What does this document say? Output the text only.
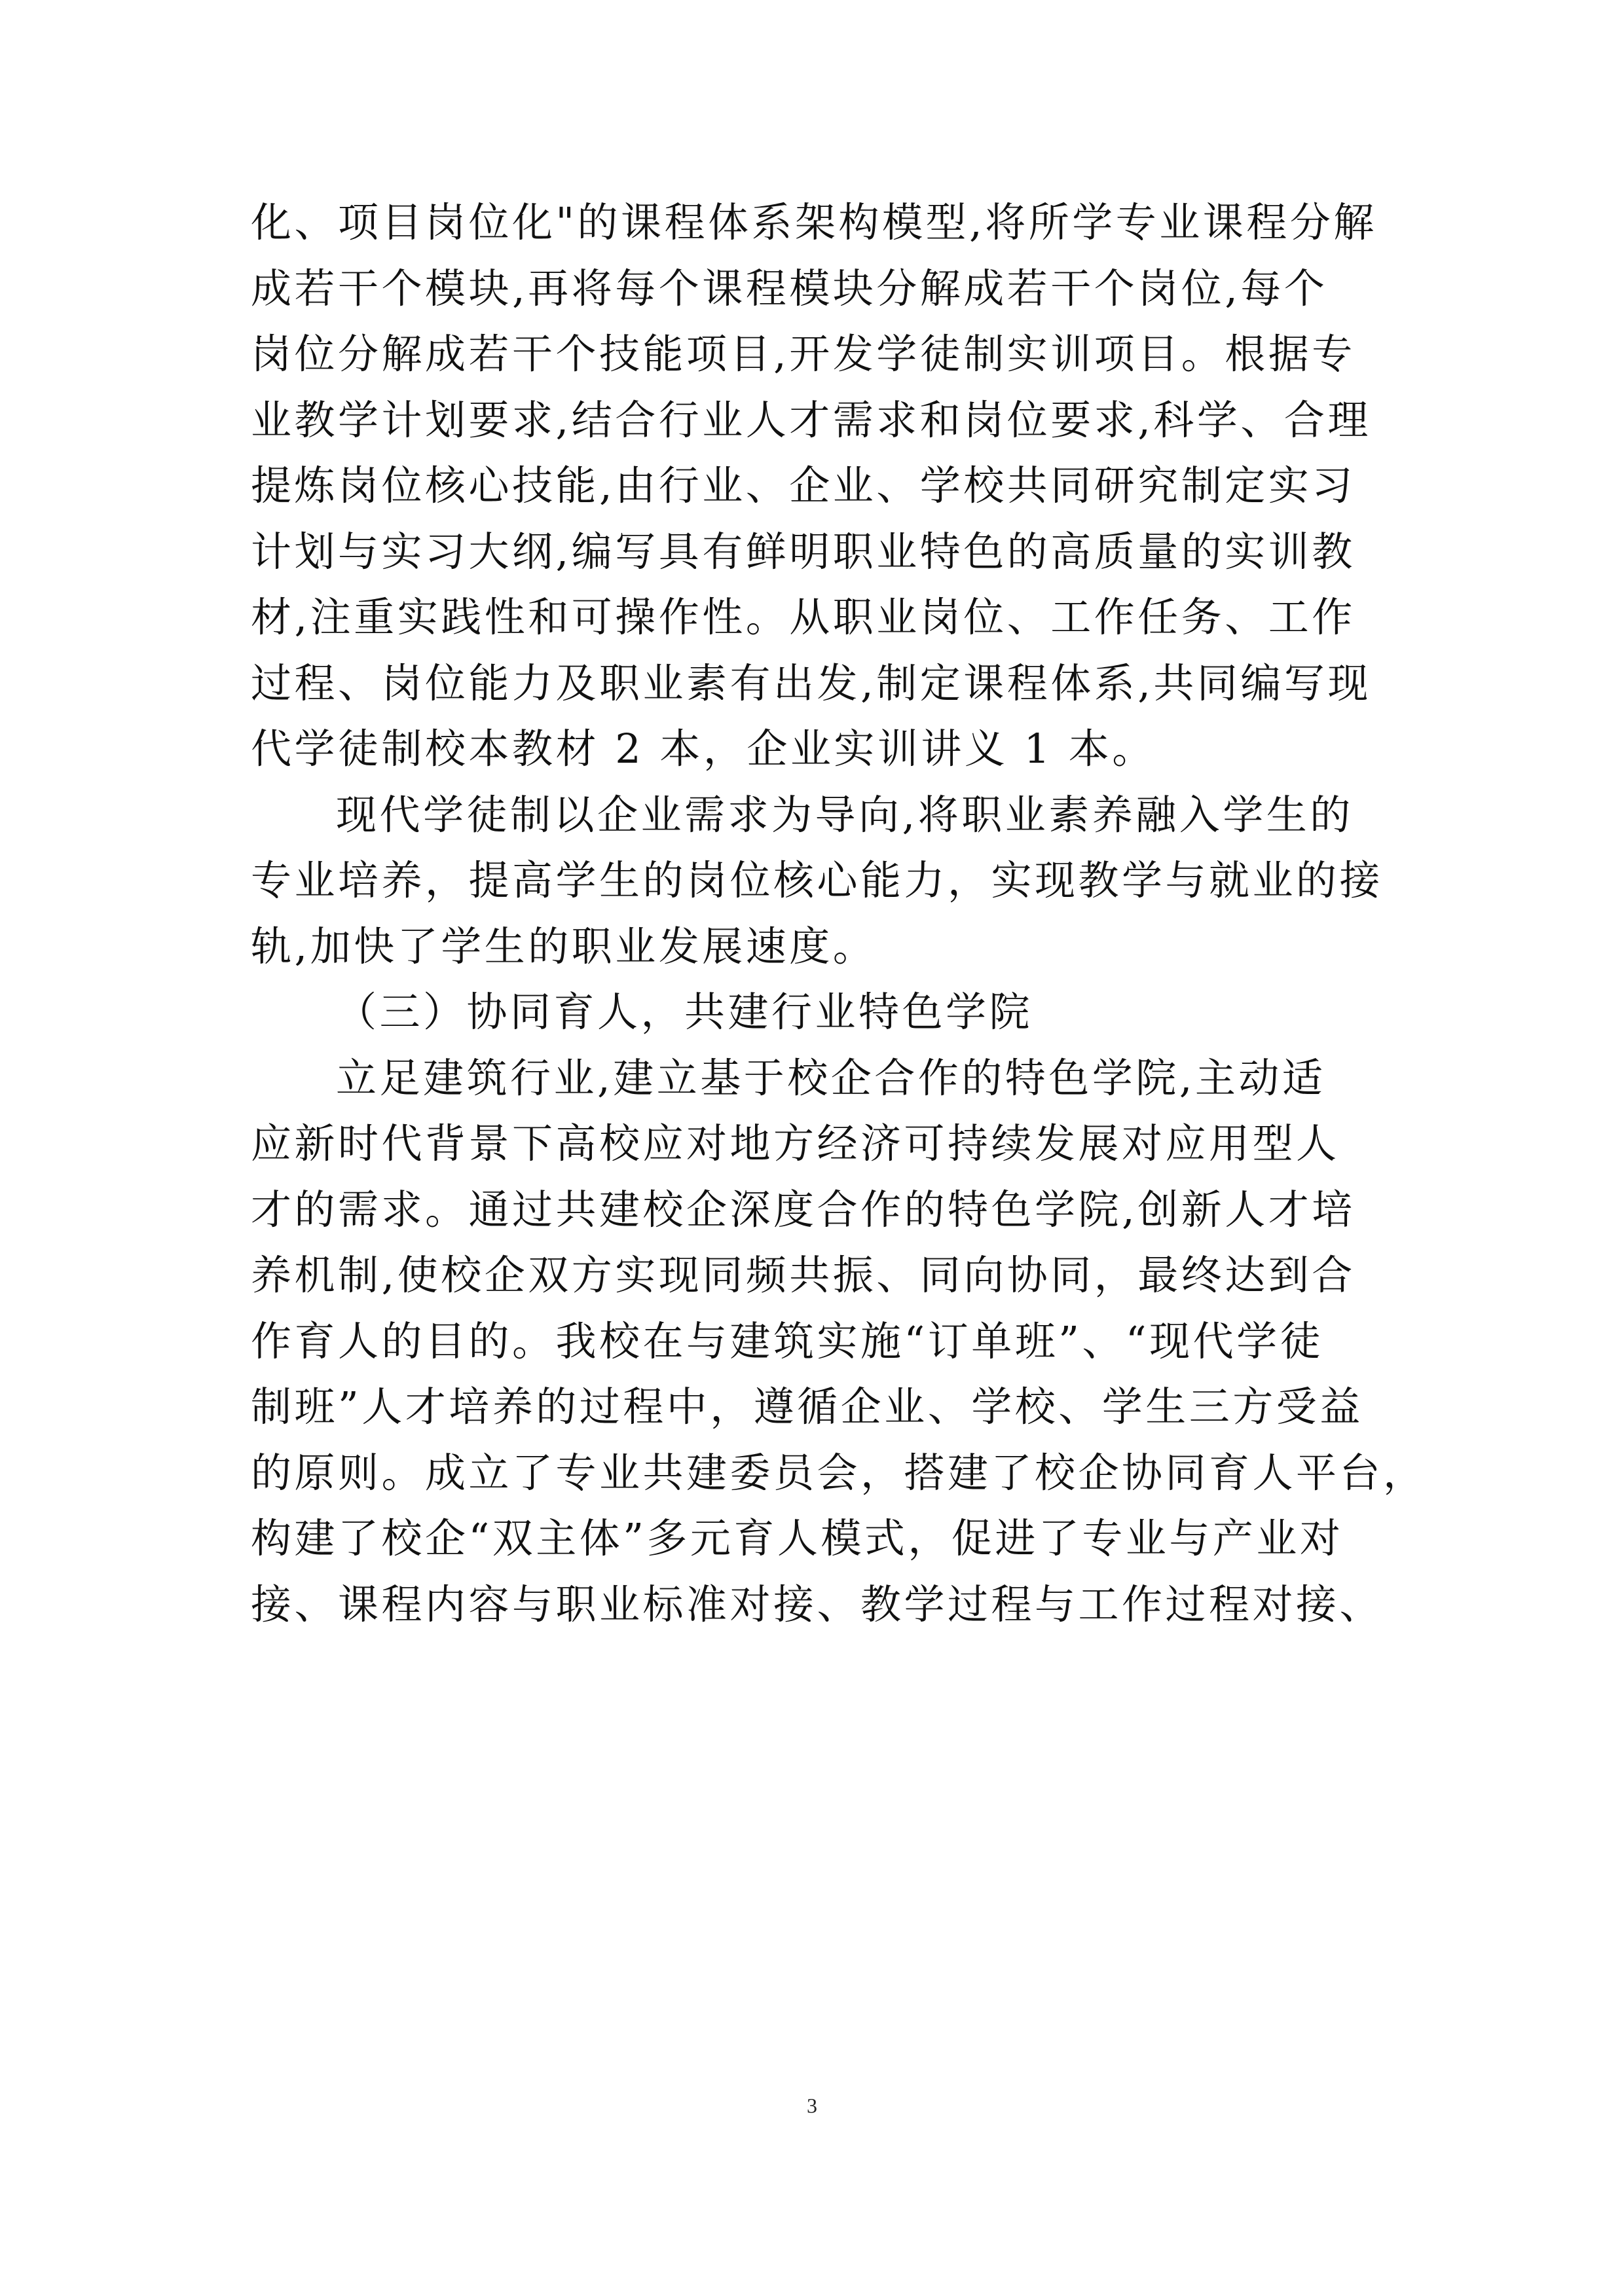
化、项目岗位化"的课程体系架构模型,将所学专业课程分解
成若干个模块,再将每个课程模块分解成若干个岗位,每个
岗位分解成若干个技能项目,开发学徒制实训项目。根据专
业教学计划要求,结合行业人才需求和岗位要求,科学、合理
提炼岗位核心技能,由行业、企业、学校共同研究制定实习
计划与实习大纲,编写具有鲜明职业特色的高质量的实训教
材,注重实践性和可操作性。从职业岗位、工作任务、工作
过程、岗位能力及职业素有出发,制定课程体系,共同编写现
代学徒制校本教材 2 本，企业实训讲义 1 本。
现代学徒制以企业需求为导向,将职业素养融入学生的
专业培养，提高学生的岗位核心能力，实现教学与就业的接
轨,加快了学生的职业发展速度。
（三）协同育人，共建行业特色学院
立足建筑行业,建立基于校企合作的特色学院,主动适
应新时代背景下高校应对地方经济可持续发展对应用型人
才的需求。通过共建校企深度合作的特色学院,创新人才培
养机制,使校企双方实现同频共振、同向协同，最终达到合
作育人的目的。我校在与建筑实施“订单班”、“现代学徒
制班”人才培养的过程中，遵循企业、学校、学生三方受益
的原则。成立了专业共建委员会，搭建了校企协同育人平台，
构建了校企“双主体”多元育人模式，促进了专业与产业对
接、课程内容与职业标准对接、教学过程与工作过程对接、
3
